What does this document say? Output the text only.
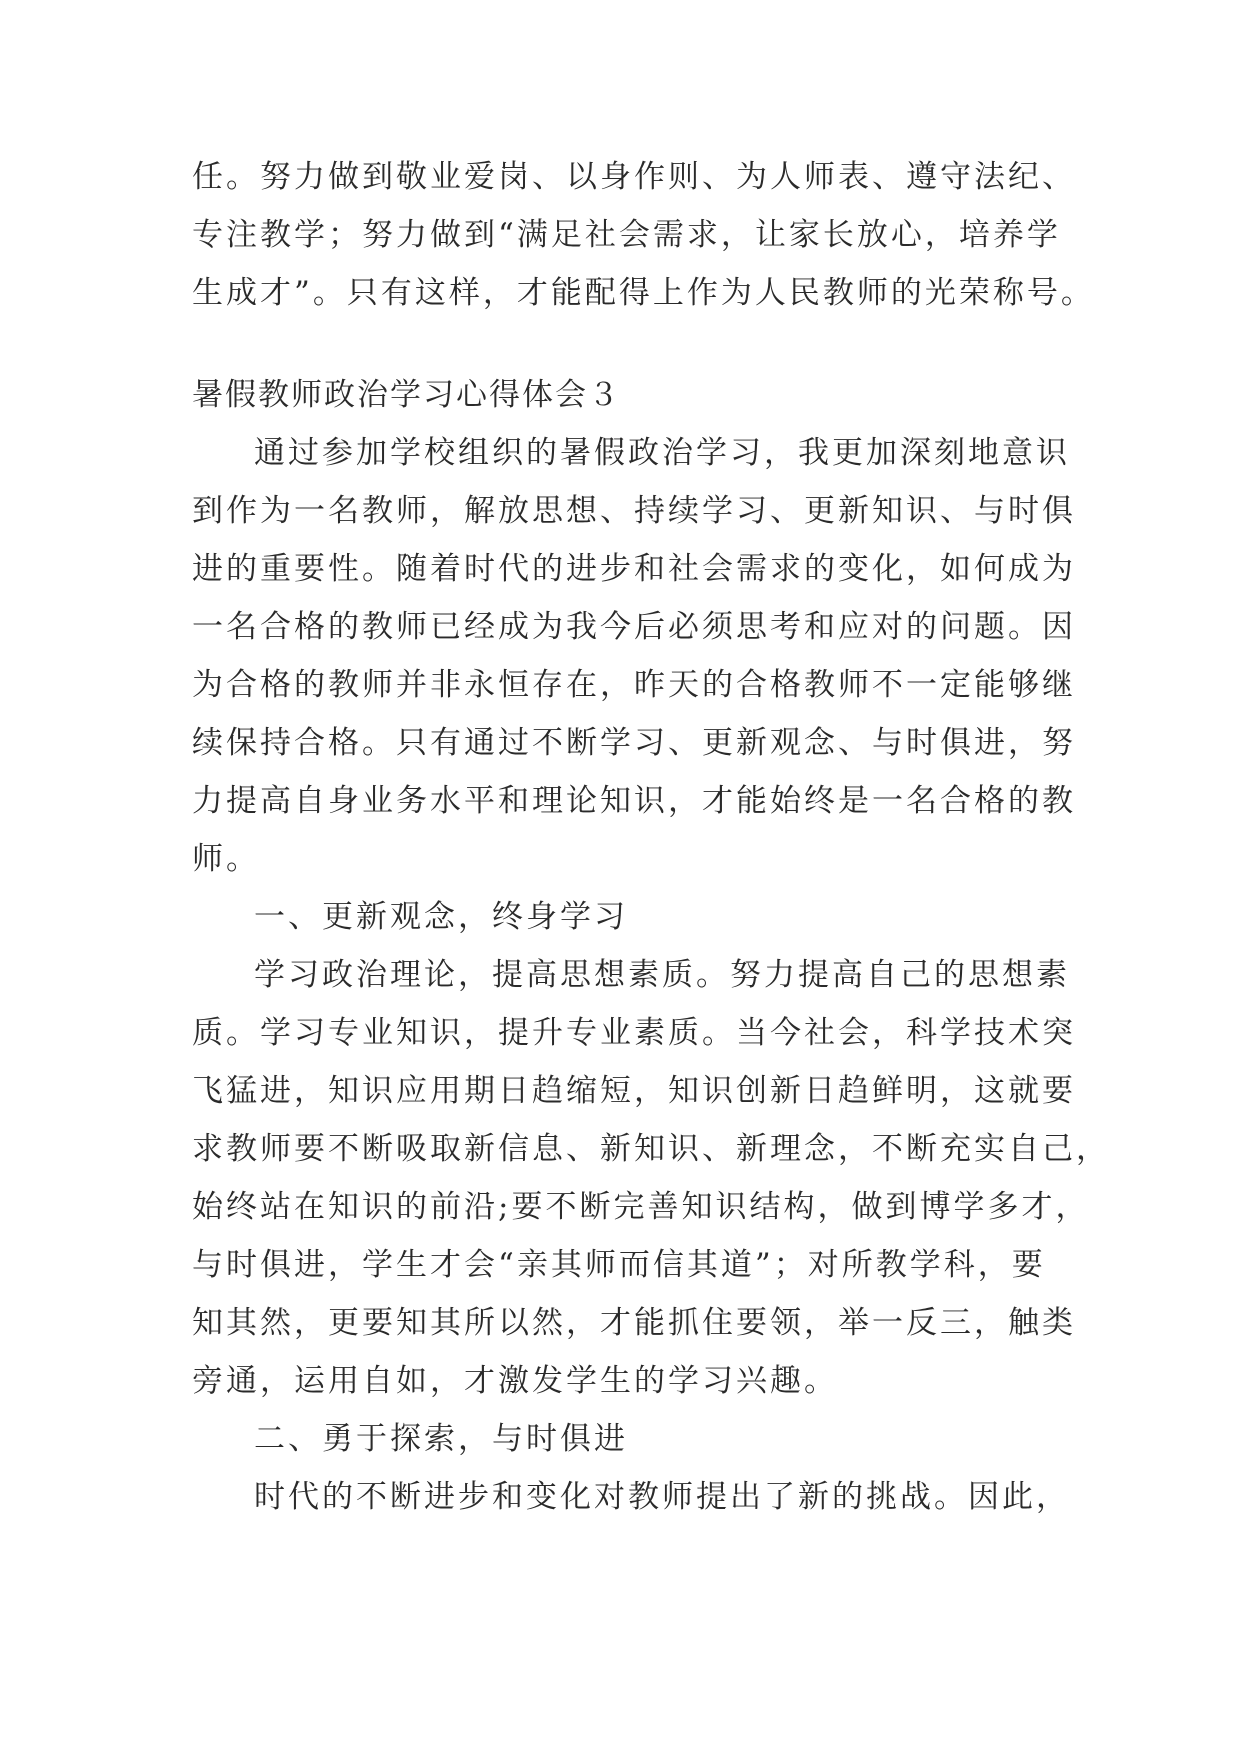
任。努力做到敬业爱岗、以身作则、为人师表、遵守法纪、
专注教学；努力做到“满足社会需求，让家长放心，培养学
生成才”。只有这样，才能配得上作为人民教师的光荣称号。
暑假教师政治学习心得体会３
通过参加学校组织的暑假政治学习，我更加深刻地意识
到作为一名教师，解放思想、持续学习、更新知识、与时俱
进的重要性。随着时代的进步和社会需求的变化，如何成为
一名合格的教师已经成为我今后必须思考和应对的问题。因
为合格的教师并非永恒存在，昨天的合格教师不一定能够继
续保持合格。只有通过不断学习、更新观念、与时俱进，努
力提高自身业务水平和理论知识，才能始终是一名合格的教
师。
一、更新观念，终身学习
学习政治理论，提高思想素质。努力提高自己的思想素
质。学习专业知识，提升专业素质。当今社会，科学技术突
飞猛进，知识应用期日趋缩短，知识创新日趋鲜明，这就要
求教师要不断吸取新信息、新知识、新理念，不断充实自己，
始终站在知识的前沿;要不断完善知识结构，做到博学多才，
与时俱进，学生才会“亲其师而信其道”；对所教学科，要
知其然，更要知其所以然，才能抓住要领，举一反三，触类
旁通，运用自如，才激发学生的学习兴趣。
二、勇于探索，与时俱进
时代的不断进步和变化对教师提出了新的挑战。因此，
